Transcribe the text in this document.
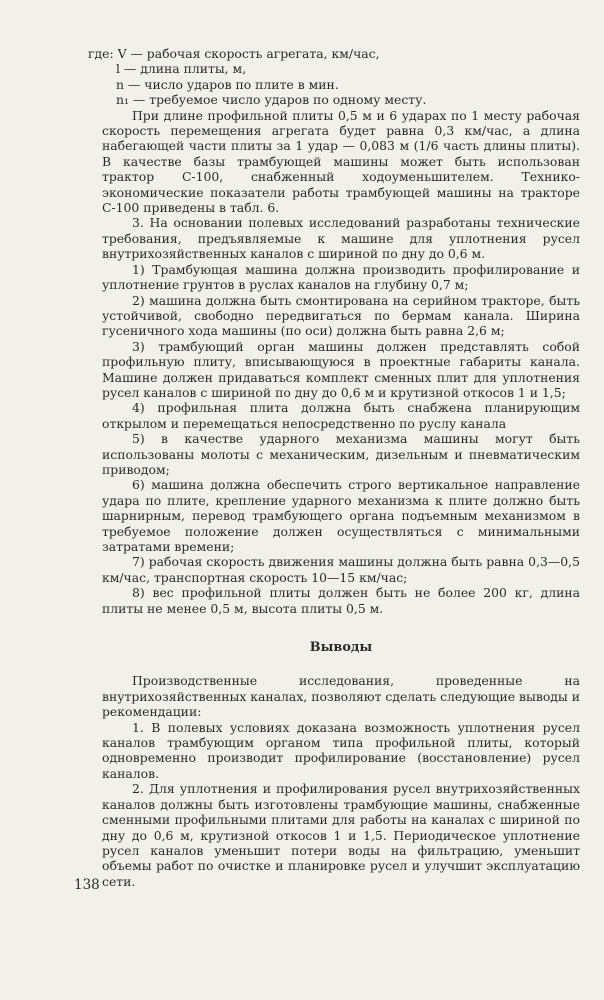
где: V — рабочая скорость агрегата, км/час,

l — длина плиты, м,

n — число ударов по плите в мин.

n₁ — требуемое число ударов по одному месту.

При длине профильной плиты 0,5 м и 6 ударах по 1 месту рабочая скорость перемещения агрегата будет равна 0,3 км/час, а длина набегающей части плиты за 1 удар — 0,083 м (1/6 часть длины плиты). В качестве базы трамбующей машины может быть использован трактор С-100, снабженный ходоуменьшителем. Технико-экономические показатели работы трамбующей машины на тракторе С-100 приведены в табл. 6.

3. На основании полевых исследований разработаны технические требования, предъявляемые к машине для уплотнения русел внутрихозяйственных каналов с шириной по дну до 0,6 м.

1) Трамбующая машина должна производить профилирование и уплотнение грунтов в руслах каналов на глубину 0,7 м;

2) машина должна быть смонтирована на серийном тракторе, быть устойчивой, свободно передвигаться по бермам канала. Ширина гусеничного хода машины (по оси) должна быть равна 2,6 м;

3) трамбующий орган машины должен представлять собой профильную плиту, вписывающуюся в проектные габариты канала. Машине должен придаваться комплект сменных плит для уплотнения русел каналов с шириной по дну до 0,6 м и крутизной откосов 1 и 1,5;

4) профильная плита должна быть снабжена планирующим открылом и перемещаться непосредственно по руслу канала

5) в качестве ударного механизма машины могут быть использованы молоты с механическим, дизельным и пневматическим приводом;

6) машина должна обеспечить строго вертикальное направление удара по плите, крепление ударного механизма к плите должно быть шарнирным, перевод трамбующего органа подъемным механизмом в требуемое положение должен осуществляться с минимальными затратами времени;

7) рабочая скорость движения машины должна быть равна 0,3—0,5 км/час, транспортная скорость 10—15 км/час;

8) вес профильной плиты должен быть не более 200 кг, длина плиты не менее 0,5 м, высота плиты 0,5 м.

Выводы

Производственные исследования, проведенные на внутрихозяйственных каналах, позволяют сделать следующие выводы и рекомендации:

1. В полевых условиях доказана возможность уплотнения русел каналов трамбующим органом типа профильной плиты, который одновременно производит профилирование (восстановление) русел каналов.

2. Для уплотнения и профилирования русел внутрихозяйственных каналов должны быть изготовлены трамбующие машины, снабженные сменными профильными плитами для работы на каналах с шириной по дну до 0,6 м, крутизной откосов 1 и 1,5. Периодическое уплотнение русел каналов уменьшит потери воды на фильтрацию, уменьшит объемы работ по очистке и планировке русел и улучшит эксплуатацию сети.

138
